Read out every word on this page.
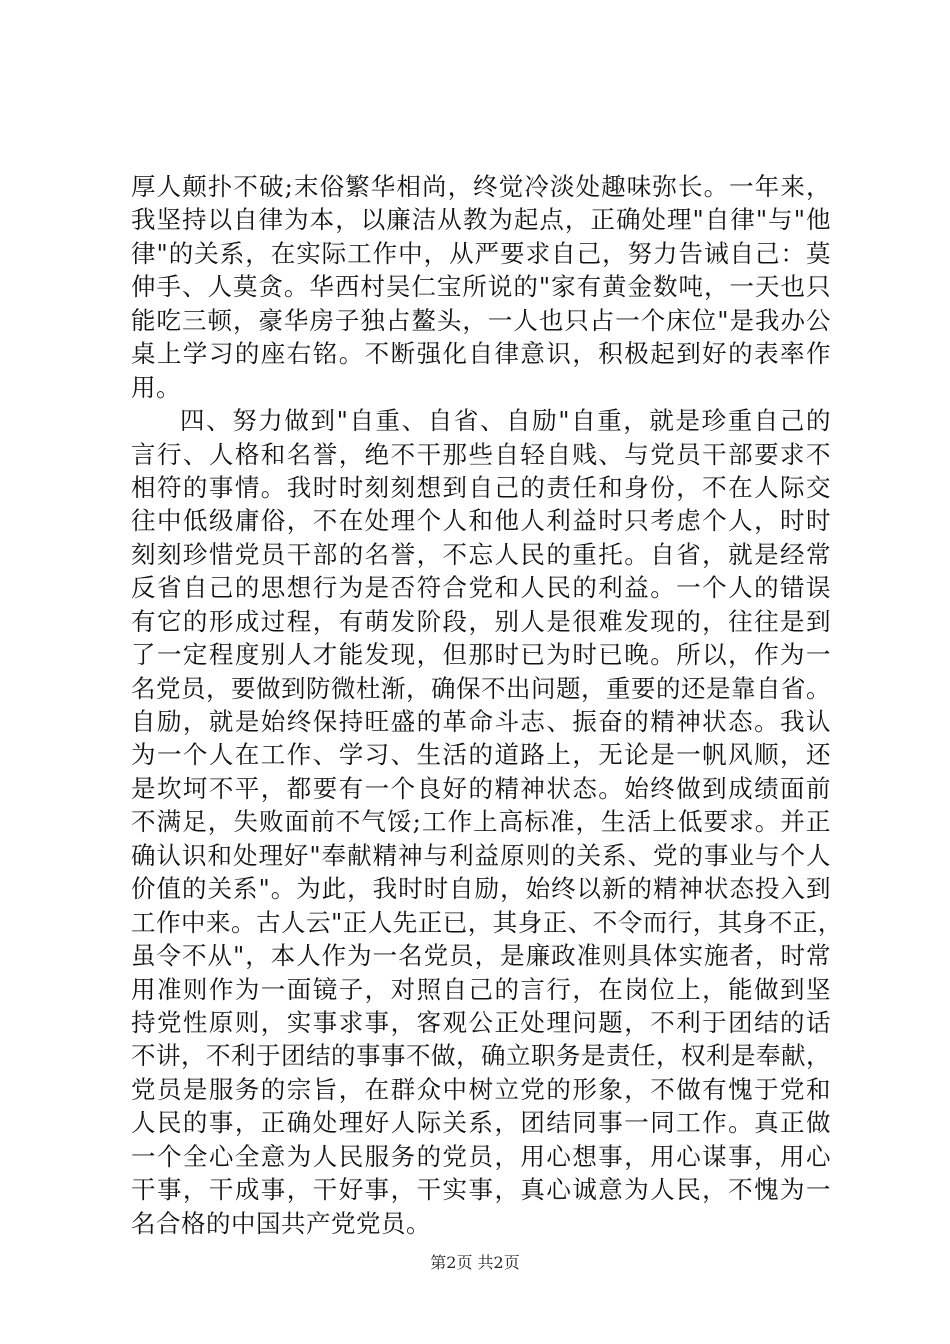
厚人颠扑不破;末俗繁华相尚，终觉冷淡处趣味弥长。一年来，
我坚持以自律为本，以廉洁从教为起点，正确处理"自律"与"他
律"的关系，在实际工作中，从严要求自己，努力告诫自己：莫
伸手、人莫贪。华西村吴仁宝所说的"家有黄金数吨，一天也只
能吃三顿，豪华房子独占鳌头，一人也只占一个床位"是我办公
桌上学习的座右铭。不断强化自律意识，积极起到好的表率作
用。
四、努力做到"自重、自省、自励"自重，就是珍重自己的
言行、人格和名誉，绝不干那些自轻自贱、与党员干部要求不
相符的事情。我时时刻刻想到自己的责任和身份，不在人际交
往中低级庸俗，不在处理个人和他人利益时只考虑个人，时时
刻刻珍惜党员干部的名誉，不忘人民的重托。自省，就是经常
反省自己的思想行为是否符合党和人民的利益。一个人的错误
有它的形成过程，有萌发阶段，别人是很难发现的，往往是到
了一定程度别人才能发现，但那时已为时已晚。所以，作为一
名党员，要做到防微杜渐，确保不出问题，重要的还是靠自省。
自励，就是始终保持旺盛的革命斗志、振奋的精神状态。我认
为一个人在工作、学习、生活的道路上，无论是一帆风顺，还
是坎坷不平，都要有一个良好的精神状态。始终做到成绩面前
不满足，失败面前不气馁;工作上高标准，生活上低要求。并正
确认识和处理好"奉献精神与利益原则的关系、党的事业与个人
价值的关系"。为此，我时时自励，始终以新的精神状态投入到
工作中来。古人云"正人先正已，其身正、不令而行，其身不正，
虽令不从"，本人作为一名党员，是廉政准则具体实施者，时常
用准则作为一面镜子，对照自己的言行，在岗位上，能做到坚
持党性原则，实事求事，客观公正处理问题，不利于团结的话
不讲，不利于团结的事事不做，确立职务是责任，权利是奉献，
党员是服务的宗旨，在群众中树立党的形象，不做有愧于党和
人民的事，正确处理好人际关系，团结同事一同工作。真正做
一个全心全意为人民服务的党员，用心想事，用心谋事，用心
干事，干成事，干好事，干实事，真心诚意为人民，不愧为一
名合格的中国共产党党员。
第2页 共2页
